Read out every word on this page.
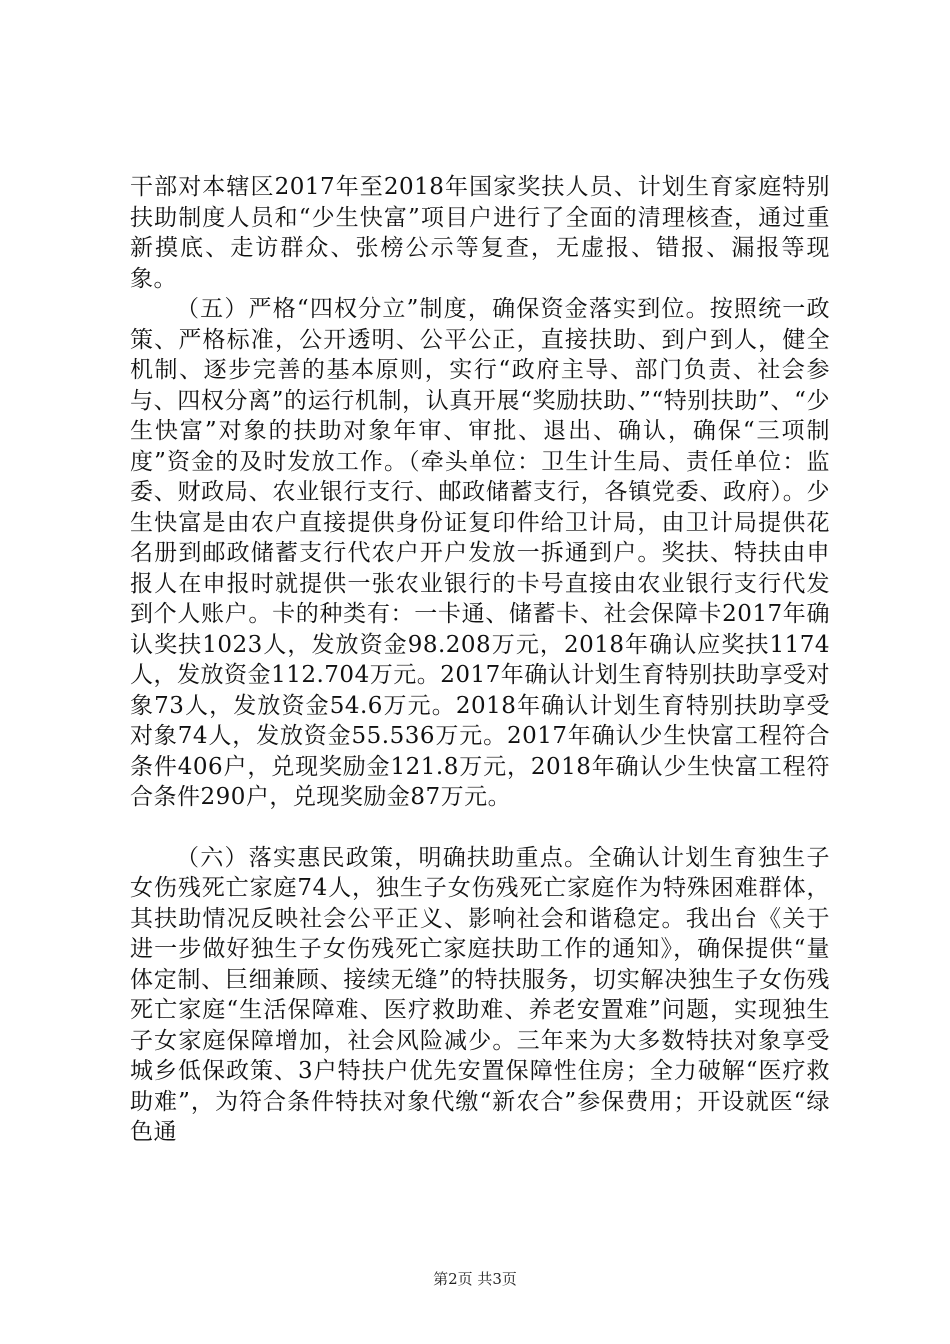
干部对本辖区2017年至2018年国家奖扶人员、计划生育家庭特别扶助制度人员和“少生快富”项目户进行了全面的清理核查，通过重新摸底、走访群众、张榜公示等复查，无虚报、错报、漏报等现象。

（五）严格“四权分立”制度，确保资金落实到位。按照统一政策、严格标准，公开透明、公平公正，直接扶助、到户到人，健全机制、逐步完善的基本原则，实行“政府主导、部门负责、社会参与、四权分离”的运行机制，认真开展“奖励扶助、”“特别扶助”、“少生快富”对象的扶助对象年审、审批、退出、确认，确保“三项制度”资金的及时发放工作。（牵头单位：卫生计生局、责任单位：监委、财政局、农业银行支行、邮政储蓄支行，各镇党委、政府）。少生快富是由农户直接提供身份证复印件给卫计局，由卫计局提供花名册到邮政储蓄支行代农户开户发放一拆通到户。奖扶、特扶由申报人在申报时就提供一张农业银行的卡号直接由农业银行支行代发到个人账户。卡的种类有：一卡通、储蓄卡、社会保障卡2017年确认奖扶1023人，发放资金98.208万元，2018年确认应奖扶1174人，发放资金112.704万元。2017年确认计划生育特别扶助享受对象73人，发放资金54.6万元。2018年确认计划生育特别扶助享受对象74人，发放资金55.536万元。2017年确认少生快富工程符合条件406户，兑现奖励金121.8万元，2018年确认少生快富工程符合条件290户，兑现奖励金87万元。

（六）落实惠民政策，明确扶助重点。全确认计划生育独生子女伤残死亡家庭74人，独生子女伤残死亡家庭作为特殊困难群体，其扶助情况反映社会公平正义、影响社会和谐稳定。我出台《关于进一步做好独生子女伤残死亡家庭扶助工作的通知》，确保提供“量体定制、巨细兼顾、接续无缝”的特扶服务，切实解决独生子女伤残死亡家庭“生活保障难、医疗救助难、养老安置难”问题，实现独生子女家庭保障增加，社会风险减少。三年来为大多数特扶对象享受城乡低保政策、3户特扶户优先安置保障性住房；全力破解“医疗救助难”，为符合条件特扶对象代缴“新农合”参保费用；开设就医“绿色通

第2页 共3页
